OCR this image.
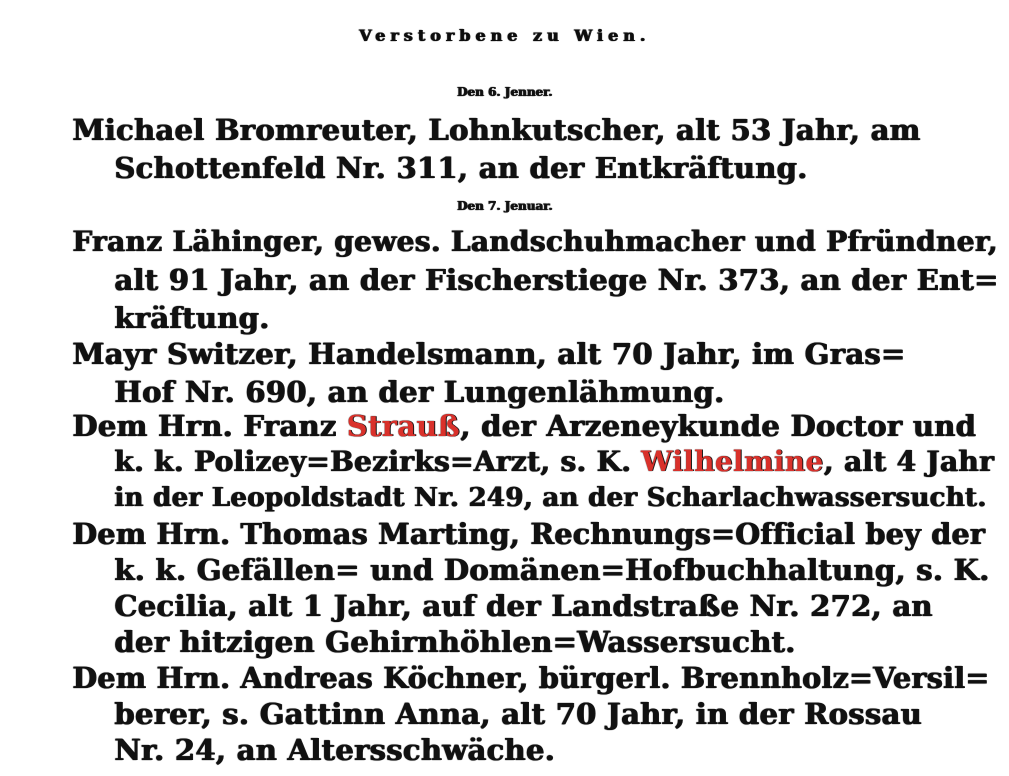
Verstorbene zu Wien.
Den 6. Jenner.
Michael Bromreuter, Lohnkutscher, alt 53 Jahr, am
Schottenfeld Nr. 311, an der Entkräftung.
Den 7. Jenuar.
Franz Lähinger, gewes. Landschuhmacher und Pfründner,
alt 91 Jahr, an der Fischerstiege Nr. 373, an der Ent=
kräftung.
Mayr Switzer, Handelsmann, alt 70 Jahr, im Gras=
Hof Nr. 690, an der Lungenlähmung.
Dem Hrn. Franz Strauß, der Arzeneykunde Doctor und
k. k. Polizey=Bezirks=Arzt, s. K. Wilhelmine, alt 4 Jahr
in der Leopoldstadt Nr. 249, an der Scharlachwassersucht.
Dem Hrn. Thomas Marting, Rechnungs=Official bey der
k. k. Gefällen= und Domänen=Hofbuchhaltung, s. K.
Cecilia, alt 1 Jahr, auf der Landstraße Nr. 272, an
der hitzigen Gehirnhöhlen=Wassersucht.
Dem Hrn. Andreas Köchner, bürgerl. Brennholz=Versil=
berer, s. Gattinn Anna, alt 70 Jahr, in der Rossau
Nr. 24, an Altersschwäche.
